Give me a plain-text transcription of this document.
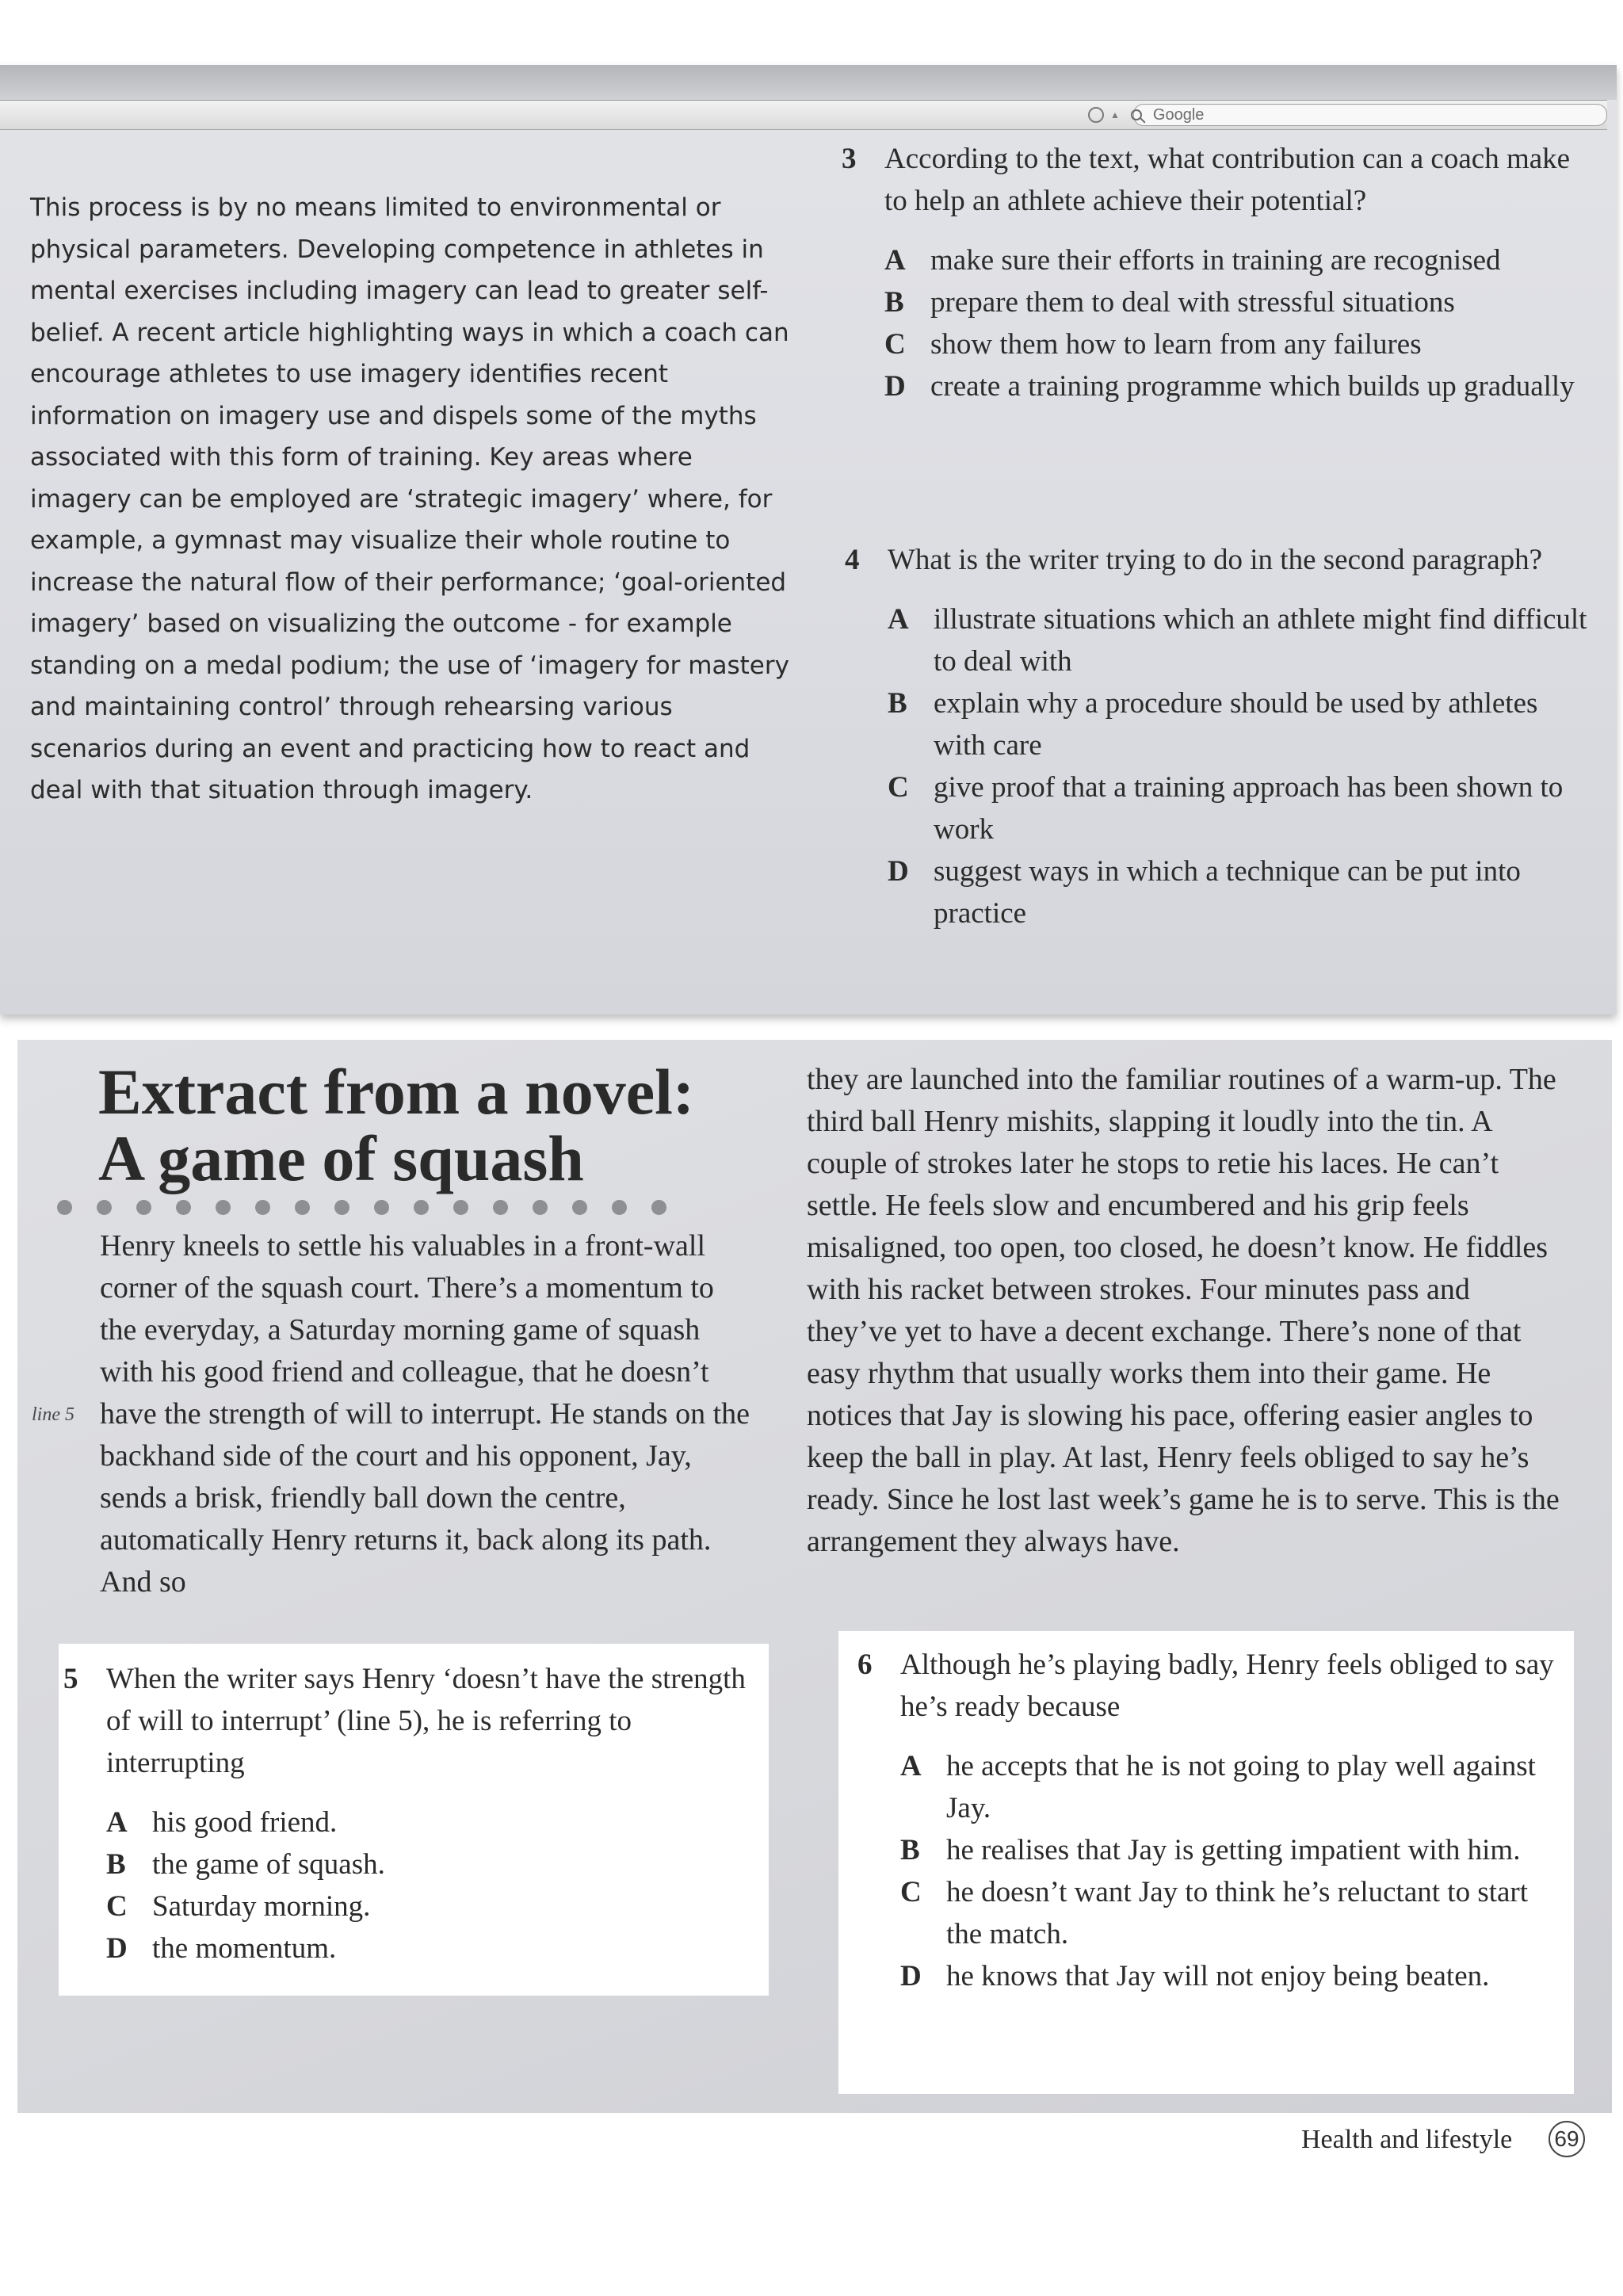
▲ Google

This process is by no means limited to environmental or physical parameters. Developing competence in athletes in mental exercises including imagery can lead to greater self-belief. A recent article highlighting ways in which a coach can encourage athletes to use imagery identifies recent information on imagery use and dispels some of the myths associated with this form of training. Key areas where imagery can be employed are ‘strategic imagery’ where, for example, a gymnast may visualize their whole routine to increase the natural flow of their performance; ‘goal-oriented imagery’ based on visualizing the outcome - for example standing on a medal podium; the use of ‘imagery for mastery and maintaining control’ through rehearsing various scenarios during an event and practicing how to react and deal with that situation through imagery.

3 According to the text, what contribution can a coach make to help an athlete achieve their potential?
A make sure their efforts in training are recognised
B prepare them to deal with stressful situations
C show them how to learn from any failures
D create a training programme which builds up gradually
4 What is the writer trying to do in the second paragraph?
A illustrate situations which an athlete might find difficult to deal with
B explain why a procedure should be used by athletes with care
C give proof that a training approach has been shown to work
D suggest ways in which a technique can be put into practice
Extract from a novel:
A game of squash

Henry kneels to settle his valuables in a front-wall corner of the squash court. There’s a momentum to the everyday, a Saturday morning game of squash with his good friend and colleague, that he doesn’t have the strength of will to interrupt. He stands on the backhand side of the court and his opponent, Jay, sends a brisk, friendly ball down the centre, automatically Henry returns it, back along its path. And so

line 5

they are launched into the familiar routines of a warm-up. The third ball Henry mishits, slapping it loudly into the tin. A couple of strokes later he stops to retie his laces. He can’t settle. He feels slow and encumbered and his grip feels misaligned, too open, too closed, he doesn’t know. He fiddles with his racket between strokes. Four minutes pass and they’ve yet to have a decent exchange. There’s none of that easy rhythm that usually works them into their game. He notices that Jay is slowing his pace, offering easier angles to keep the ball in play. At last, Henry feels obliged to say he’s ready. Since he lost last week’s game he is to serve. This is the arrangement they always have.

5 When the writer says Henry ‘doesn’t have the strength of will to interrupt’ (line 5), he is referring to interrupting
A his good friend.
B the game of squash.
C Saturday morning.
D the momentum.
6 Although he’s playing badly, Henry feels obliged to say he’s ready because
A he accepts that he is not going to play well against Jay.
B he realises that Jay is getting impatient with him.
C he doesn’t want Jay to think he’s reluctant to start the match.
D he knows that Jay will not enjoy being beaten.
Health and lifestyle 69
